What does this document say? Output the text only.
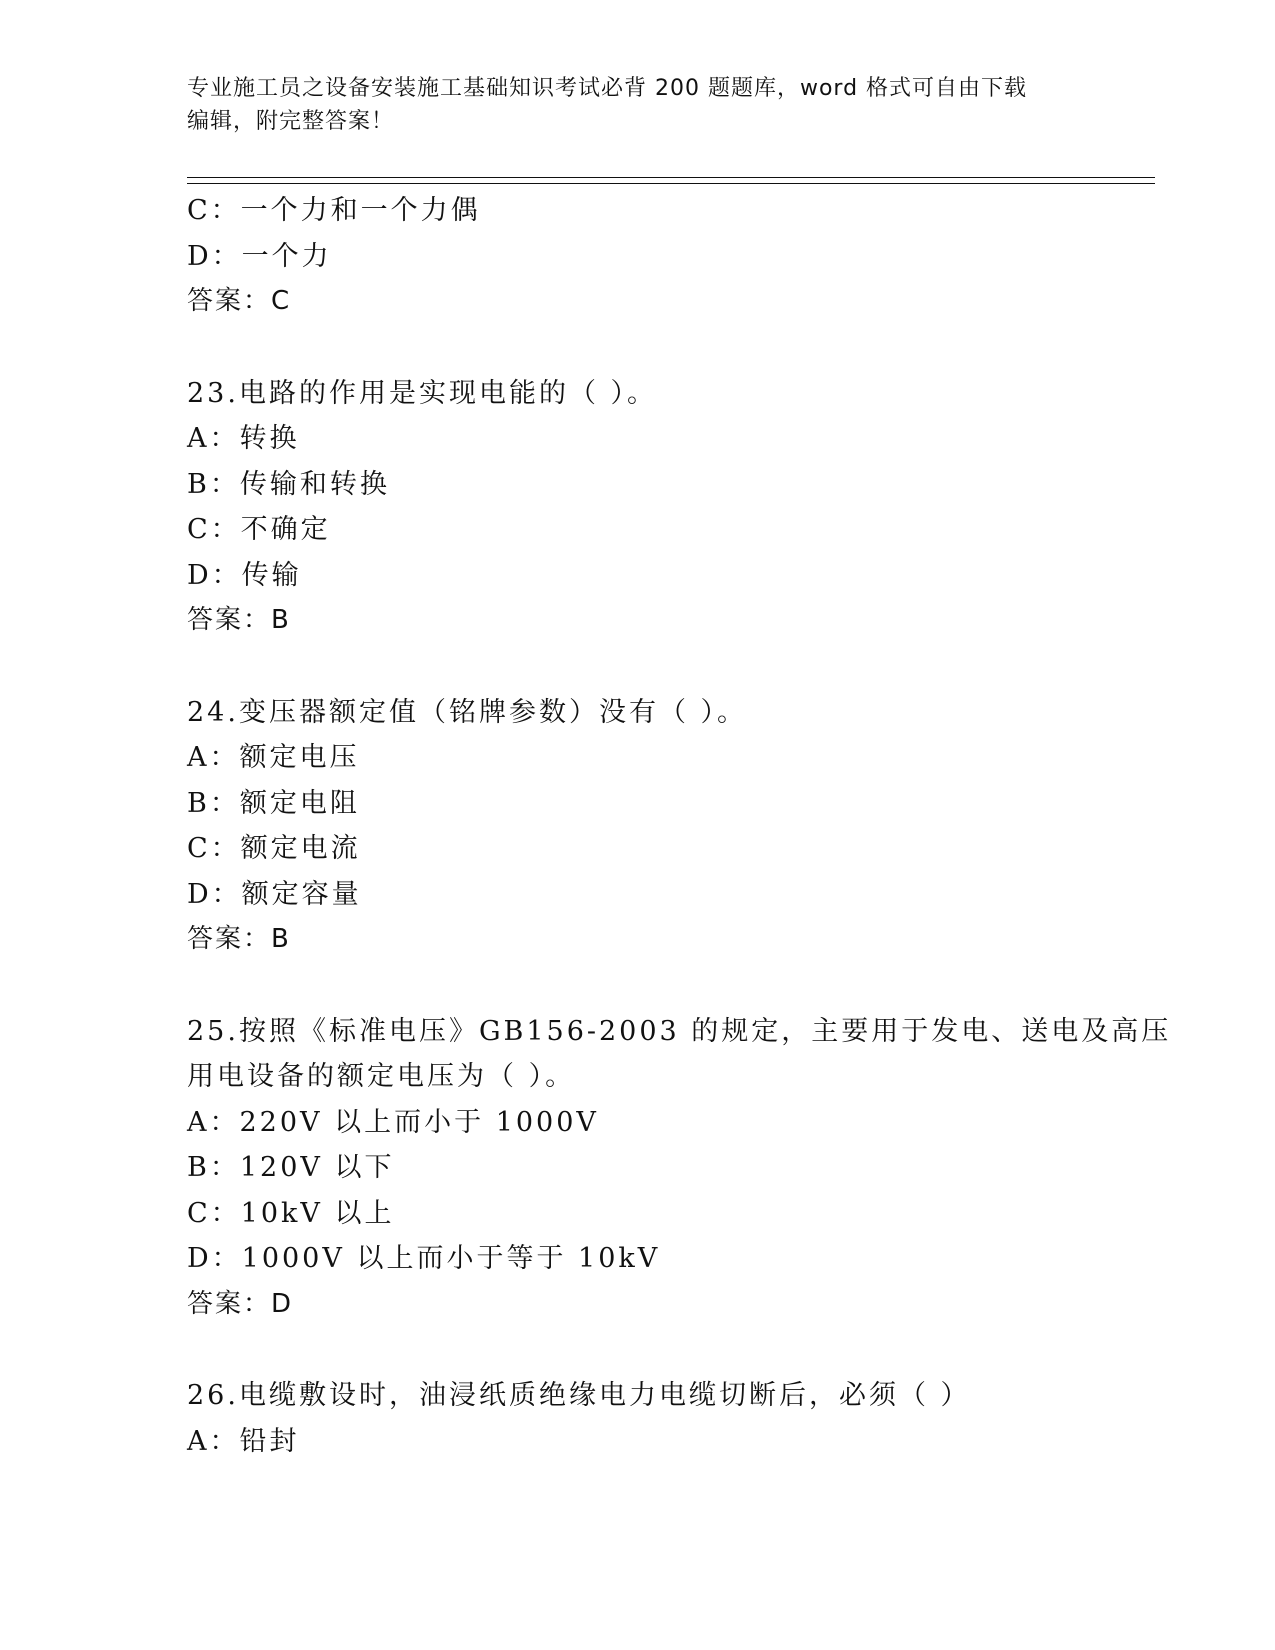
专业施工员之设备安装施工基础知识考试必背 200 题题库，word 格式可自由下载
编辑，附完整答案！
C：一个力和一个力偶
D：一个力
答案：C
23.电路的作用是实现电能的（ ）。
A：转换
B：传输和转换
C：不确定
D：传输
答案：B
24.变压器额定值（铭牌参数）没有（ ）。
A：额定电压
B：额定电阻
C：额定电流
D：额定容量
答案：B
25.按照《标准电压》GB156-2003 的规定，主要用于发电、送电及高压
用电设备的额定电压为（ ）。
A：220V 以上而小于 1000V
B：120V 以下
C：10kV 以上
D：1000V 以上而小于等于 10kV
答案：D
26.电缆敷设时，油浸纸质绝缘电力电缆切断后，必须（ ）
A：铅封
